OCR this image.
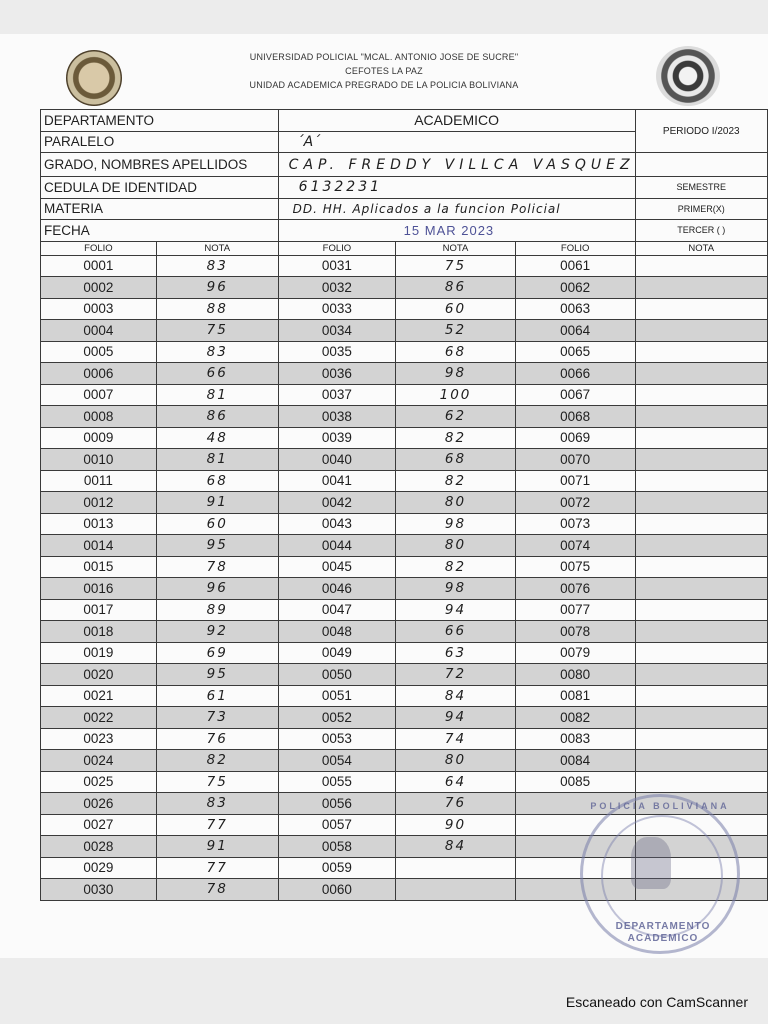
UNIVERSIDAD POLICIAL "MCAL. ANTONIO JOSE DE SUCRE"
CEFOTES LA PAZ
UNIDAD ACADEMICA PREGRADO DE LA POLICIA BOLIVIANA
DEPARTAMENTO		ACADEMICO			PERIODO I/2023
PARALELO		´A´			
GRADO, NOMBRES APELLIDOS		CAP. FREDDY VILLCA VASQUEZ			
CEDULA DE IDENTIDAD		6132231			SEMESTRE
MATERIA		DD. HH. Aplicados a la funcion Policial			PRIMER(X)
FECHA		15 MAR 2023			TERCER ( )
FOLIO	NOTA	FOLIO	NOTA	FOLIO	NOTA
0001	83	0031	75	0061	
0002	96	0032	86	0062	
0003	88	0033	60	0063	
0004	75	0034	52	0064	
0005	83	0035	68	0065	
0006	66	0036	98	0066	
0007	81	0037	100	0067	
0008	86	0038	62	0068	
0009	48	0039	82	0069	
0010	81	0040	68	0070	
0011	68	0041	82	0071	
0012	91	0042	80	0072	
0013	60	0043	98	0073	
0014	95	0044	80	0074	
0015	78	0045	82	0075	
0016	96	0046	98	0076	
0017	89	0047	94	0077	
0018	92	0048	66	0078	
0019	69	0049	63	0079	
0020	95	0050	72	0080	
0021	61	0051	84	0081	
0022	73	0052	94	0082	
0023	76	0053	74	0083	
0024	82	0054	80	0084	
0025	75	0055	64	0085	
0026	83	0056	76		
0027	77	0057	90		
0028	91	0058	84		
0029	77	0059			
0030	78	0060			
POLICIA BOLIVIANA
DEPARTAMENTO
ACADEMICO
Escaneado con CamScanner
